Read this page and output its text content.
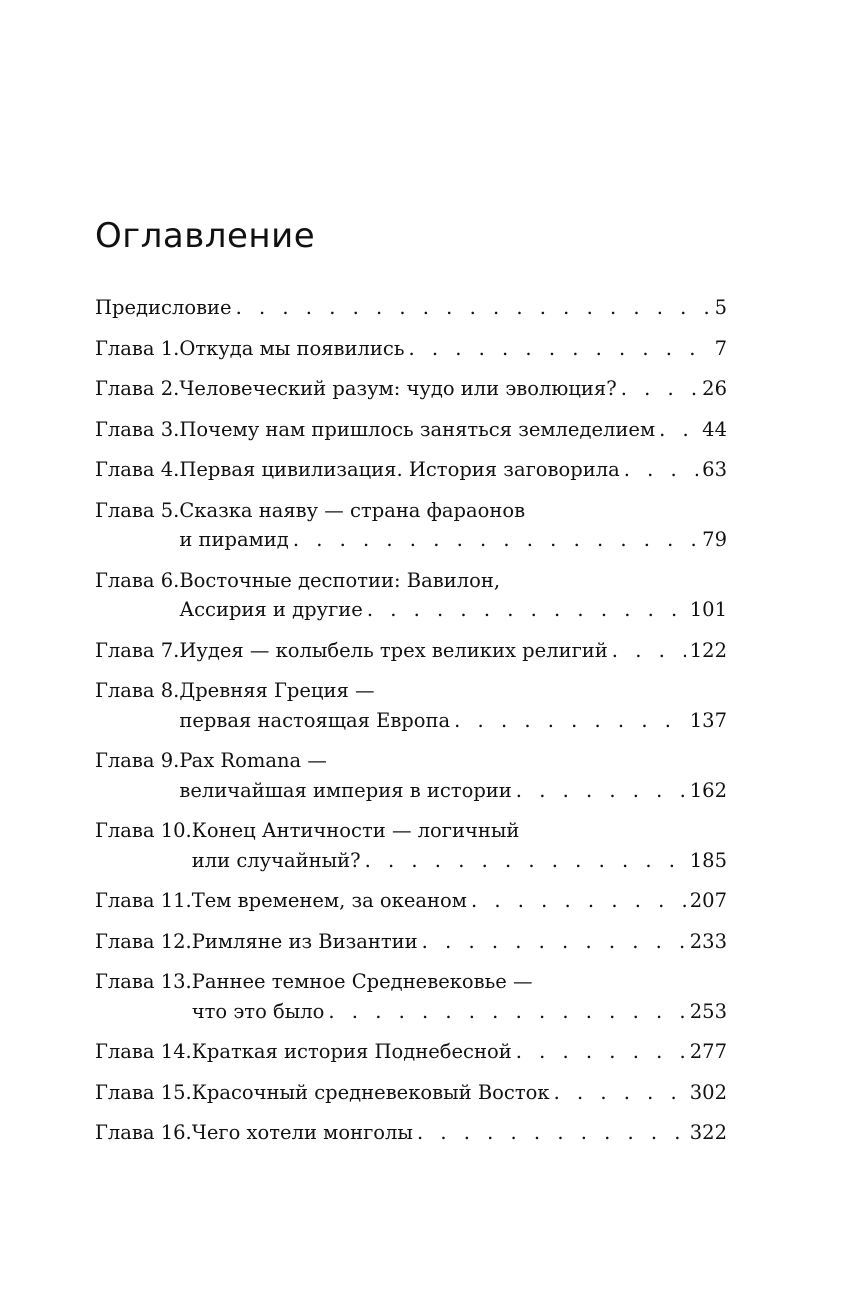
Оглавление
Предисловие . . .	5
Глава 1. Откуда мы появились . . .	7
Глава 2. Человеческий разум: чудо или эволюция? . . .	26
Глава 3. Почему нам пришлось заняться земледелием . . . 44
Глава 4. Первая цивилизация. История заговорила . . .	63
Глава 5. Сказка наяву — страна фараонов
и пирамид . . .	79
Глава 6. Восточные деспотии: Вавилон,
Ассирия и другие . . .	101
Глава 7. Иудея — колыбель трех великих религий . . .	122
Глава 8. Древняя Греция —
первая настоящая Европа . . .	137
Глава 9. Pax Romana —
величайшая империя в истории . . .	162
Глава 10. Конец Античности — логичный
или случайный? . . .	185
Глава 11. Тем временем, за океаном . . .	207
Глава 12. Римляне из Византии . . .	233
Глава 13. Раннее темное Средневековье —
что это было . . .	253
Глава 14. Краткая история Поднебесной . . .	277
Глава 15. Красочный средневековый Восток . . .	302
Глава 16. Чего хотели монголы . . .	322
